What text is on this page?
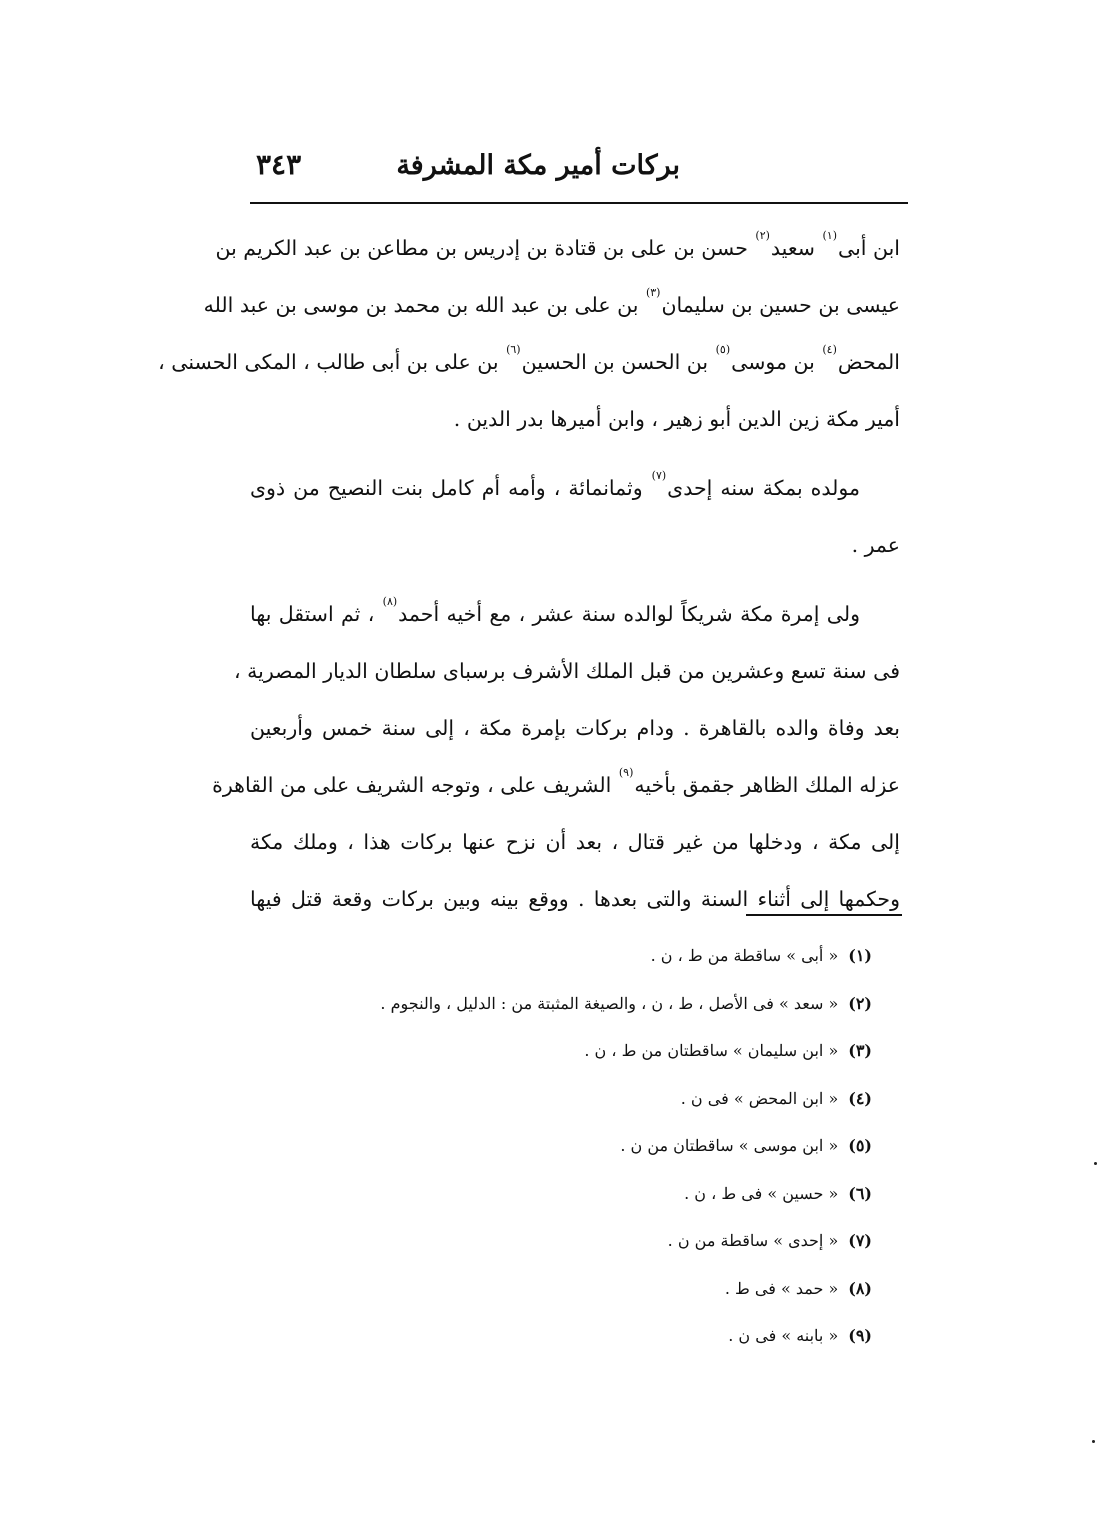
بركات أمير مكة المشرفة
٣٤٣
ابن أبى$^{(١)}$ سعيد$^{(٢)}$ حسن بن على بن قتادة بن إدريس بن مطاعن بن عبد الكريم بن
عيسى بن حسين بن سليمان$^{(٣)}$ بن على بن عبد الله بن محمد بن موسى بن عبد الله
المحض$^{(٤)}$ بن موسى$^{(٥)}$ بن الحسن بن الحسين$^{(٦)}$ بن على بن أبى طالب ، المكى الحسنى ،
أمير مكة زين الدين أبو زهير ، وابن أميرها بدر الدين .
مولده بمكة سنه إحدى$^{(٧)}$ وثمانمائة ، وأمه أم كامل بنت النصيح من ذوى
عمر .
ولى إمرة مكة شريكاً لوالده سنة عشر ، مع أخيه أحمد$^{(٨)}$ ، ثم استقل بها
فى سنة تسع وعشرين من قبل الملك الأشرف برسباى سلطان الديار المصرية ،
بعد وفاة والده بالقاهرة . ودام بركات بإمرة مكة ، إلى سنة خمس وأربعين
عزله الملك الظاهر جقمق بأخيه$^{(٩)}$ الشريف على ، وتوجه الشريف على من القاهرة
إلى مكة ، ودخلها من غير قتال ، بعد أن نزح عنها بركات هذا ، وملك مكة
وحكمها إلى أثناء السنة والتى بعدها . ووقع بينه وبين بركات وقعة قتل فيها
(١)« أبى » ساقطة من ط ، ن .
(٢)« سعد » فى الأصل ، ط ، ن ، والصيغة المثبتة من : الدليل ، والنجوم .
(٣)« ابن سليمان » ساقطتان من ط ، ن .
(٤)« ابن المحض » فى ن .
(٥)« ابن موسى » ساقطتان من ن .
(٦)« حسين » فى ط ، ن .
(٧)« إحدى » ساقطة من ن .
(٨)« حمد » فى ط .
(٩)« بابنه » فى ن .
